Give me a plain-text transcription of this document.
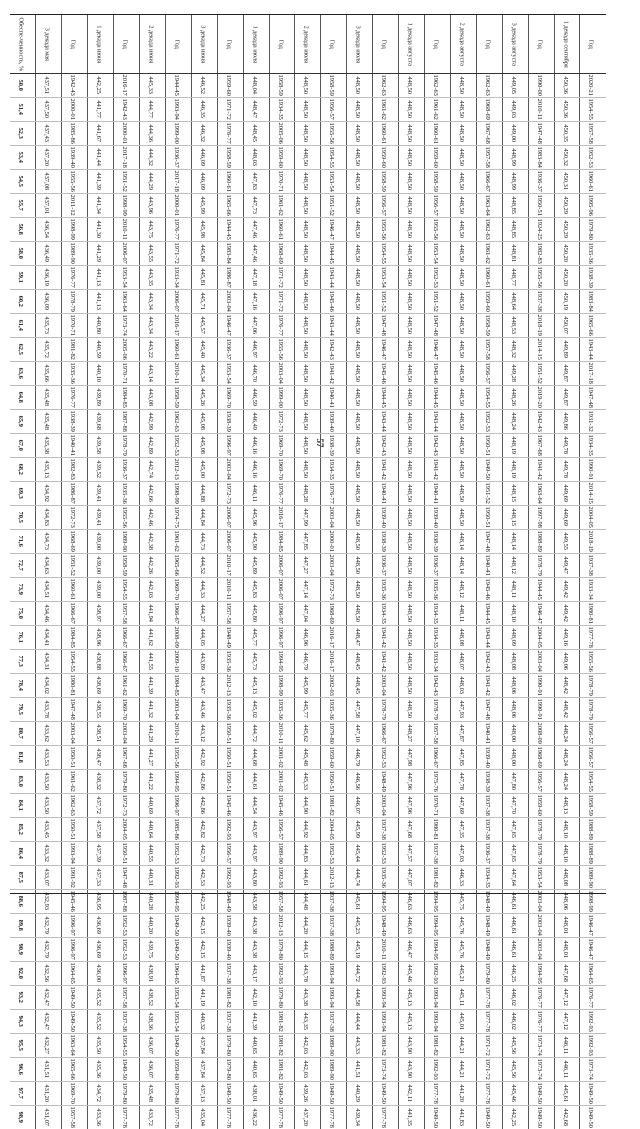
57
Обеспе-ченность, %	3 декада мая	Год	1 декада июня	Год	2 декада июня	Год	3 декада июня	Год	1 декада июля	Год	2 декада июля	Год	3 декада июля	Год	1 декада августа	Год	2 декада августа	Год	3 декада августа	Год	1 декада сентября	Год

50,0	437,51	1942-43	442,25	2016-17	445,33	1944-45	446,52	1959-60	448,04	1958-59	448,50	1958-59	448,50	1962-63	448,50	1962-63	448,50	1962-63	449,05	1990-00	450,36	2020-21

51,4	437,50	2000-01	441,77	1942-43	444,77	1993-94	446,35	1971-72	448,47	1934-35	448,50	1956-57	448,50	1961-62	448,50	1961-62	448,50	1968-69	449,03	2010-11	450,36	1954-55

52,3	437,43	1985-86	441,67	2000-01	444,36	1999-00	446,32	1976-77	448,45	2005-06	448,50	1955-56	448,50	1960-61	448,50	1960-61	448,50	1967-68	449,00	1947-48	450,35	1957-58

53,4	437,20	1939-40	441,44	2017-18	444,32	1936-37	446,09	1958-59	448,03	1959-60	448,50	1954-55	448,50	1959-60	448,50	1959-60	448,50	1957-58	448,99	1983-84	450,32	1952-53

54,5	437,08	1955-56	441,39	1951-52	444,29	2017-18	446,09	1960-61	447,83	1970-71	448,50	1953-54	448,50	1958-59	448,50	1958-59	448,50	1966-67	448,99	1936-37	450,31	1960-61

55,7	437,01	2011-12	441,34	1998-99	443,96	2000-01	445,99	1965-66	447,73	1961-62	448,50	1951-52	448,50	1956-57	448,50	1956-57	448,50	1963-64	448,85	1950-51	450,29	1995-96

56,8	436,54	1998-99	441,30	2010-11	443,75	1976-77	445,98	1944-45	447,46	1960-61	448,50	1946-47	448,50	1955-56	448,50	1955-56	448,50	1962-63	448,85	1924-25	450,29	1979-80

58,0	436,49	1989-90	441,29	2006-07	443,55	1971-72	445,84	1983-84	447,46	1968-69	448,50	1944-45	448,50	1954-55	448,50	1953-54	448,50	1961-62	448,81	1982-83	450,20	1935-36

59,1	436,19	1976-77	441,13	1953-54	443,35	1933-34	445,81	1986-87	447,18	1971-72	448,50	1943-44	448,50	1953-54	448,50	1952-53	448,50	1960-61	448,77	1955-56	450,20	1938-39

60,2	436,09	1978-79	441,13	1963-64	443,34	2006-07	445,71	2003-04	447,16	1971-72	448,50	1945-46	448,50	1951-52	448,50	1951-52	448,50	1959-60	448,64	1937-38	450,19	1983-84

61,4	435,73	1970-71	440,80	1973-74	443,34	2016-17	445,57	1946-47	447,06	1976-77	448,50	1943-44	448,50	1947-48	448,50	1947-48	448,50	1958-59	448,53	2018-19	450,07	1965-66

62,5	435,72	1981-82	440,59	2005-06	443,22	1960-61	445,40	1936-37	446,97	1955-56	448,50	1942-43	448,50	1946-47	448,50	1946-47	448,50	1957-58	448,32	2014-15	449,89	1943-44

63,6	435,66	1935-36	440,10	1970-71	443,14	2010-11	445,34	1953-54	446,70	2003-04	448,50	1941-42	448,50	1945-46	448,50	1945-46	448,50	1956-57	449,28	1951-52	449,87	2017-18

64,8	435,48	1976-77	439,89	1984-85	443,08	1958-59	445,26	1969-70	446,59	1999-00	448,50	1940-41	448,50	1944-45	448,50	1944-45	448,50	1954-55	448,26	2019-20	449,87	1947-48

65,9	435,48	1938-39	439,68	1987-88	442,99	1962-63	445,08	1938-39	446,49	1972-73	448,50	1939-40	448,50	1943-44	448,50	1943-44	448,50	1952-53	448,24	1942-43	449,86	1931-32

67,0	435,38	1940-41	439,58	1978-79	442,89	1952-53	445,08	1996-97	446,16	1969-70	448,50	1938-39	448,50	1942-43	448,50	1942-43	448,50	1950-51	448,19	1967-68	449,78	1934-35

68,2	435,13	1982-83	439,52	1936-37	442,74	2012-13	445,00	2003-04	446,16	1969-70	448,50	1934-35	448,50	1941-42	448,50	1941-42	448,50	1949-50	448,19	1941-42	449,78	1990-91

69,3	434,92	1986-87	439,41	1935-36	442,66	1998-99	444,88	1972-73	446,11	1976-77	448,28	1976-77	448,50	1940-41	448,50	1940-41	448,50	1951-52	448,15	1963-64	449,69	2014-15

70,5	434,83	1972-73	439,41	1955-56	442,46	1974-75	444,84	2006-07	445,96	2016-17	447,99	2003-04	448,50	1939-40	448,50	1939-40	448,50	1950-51	448,15	1997-98	449,69	2004-05

71,6	434,73	1968-69	439,00	1989-90	442,38	1961-62	444,73	2006-07	445,90	1984-85	447,85	2000-01	448,50	1938-39	448,50	1938-39	448,14	1947-48	448,14	1988-89	449,55	2018-19

72,7	434,63	1951-52	439,00	1958-59	442,26	1965-66	444,52	2010-17	445,89	2006-07	447,27	2003-04	448,50	1936-37	448,50	1936-37	448,14	1940-41	448,12	1978-79	449,47	1937-38

73,9	434,51	1960-61	439,00	1954-55	442,03	1969-70	444,33	2010-11	445,83	2006-07	447,14	1972-73	448,50	1935-36	448,50	1935-36	448,12	1945-46	448,11	1944-45	449,42	1933-34

75,0	434,46	1966-67	438,97	1957-58	441,94	1966-67	444,27	1957-58	445,80	1996-97	447,04	1968-69	448,50	1934-35	448,50	1934-35	448,11	1944-45	448,10	1946-47	449,42	1980-81

76,1	434,41	1984-85	438,96	1966-67	441,62	2008-09	444,05	1948-49	445,77	1996-97	446,96	2016-17	448,47	1941-42	448,50	1934-35	448,08	1943-44	448,09	2004-05	449,16	1977-78

77,3	434,31	1954-55	438,88	1966-67	441,55	2009-10	443,89	1935-36	445,73	1994-95	446,79	2016-17	448,45	1941-42	448,50	1933-34	448,07	1942-43	448,08	2003-04	449,06	1955-56

78,4	434,02	1980-81	438,69	1961-62	441,39	1984-85	443,47	2012-13	445,13	1998-99	445,99	2002-03	448,45	2003-04	448,50	1942-43	448,03	1941-42	448,06	1990-91	448,42	1978-79

79,5	433,78	1947-48	438,55	1969-70	441,32	2003-04	443,46	1935-36	445,02	1935-36	445,77	1935-36	447,58	1978-79	448,50	1978-79	447,93	1947-48	448,06	1990-91	448,42	1978-79

80,7	433,62	2003-04	438,51	2003-04	441,29	2010-11	443,12	1950-51	444,72	2010-11	445,62	1979-80	447,10	1966-67	448,27	1957-58	447,87	1940-41	448,00	2008-09	448,24	1956-57

81,8	433,53	1950-51	438,47	1967-68	441,27	1955-56	442,92	1950-51	444,68	2001-02	445,48	1959-60	446,79	1952-53	447,98	1966-67	447,85	1939-40	448,00	1968-69	448,24	1956-57

83,0	433,50	1961-62	438,32	1979-80	441,22	1994-95	442,86	1950-51	444,61	2001-02	445,33	1950-51	446,56	1948-49	447,96	1975-76	447,78	1938-39	447,80	1956-57	448,24	1954-55

84,1	433,50	1962-63	437,72	1972-73	440,69	1996-97	442,86	1945-46	444,54	1945-46	444,90	1981-82	446,07	2003-04	447,96	1970-71	447,69	1937-38	447,70	1959-60	448,13	1958-59

85,2	433,45	1950-51	437,58	2004-05	440,64	1985-86	442,82	1992-93	443,97	1956-57	444,92	2004-05	445,99	1937-38	447,68	1980-81	447,35	1937-38	447,65	1978-79	448,10	1988-89

86,4	433,32	1993-94	437,39	1950-51	440,55	1952-53	442,73	1956-57	443,97	1989-90	444,83	1952-53	445,44	1952-53	447,57	1937-38	447,03	1936-37	447,65	1978-79	448,10	1988-89

87,5	433,07	1991-92	437,33	1947-48	440,31	1992-93	442,53	1992-93	443,80	1992-93	444,61	2012-13	444,74	1935-36	447,07	1981-82	446,33	1934-35	447,64	1953-54	448,08	1989-90

88,6	432,93	1945-46	436,95	1987-88	440,28	1994-95	442,25	1948-49	443,58	1957-58	444,48	1937-38	445,61	1994-95	446,63	1994-95	445,75	1948-49	446,61	2003-04	448,06	1998-99

89,8	432,79	1996-97	436,69	1952-53	440,20	1949-50	442,15	1939-40	443,38	2012-13	444,20	1937-38	445,23	1948-49	446,63	1994-95	445,76	1948-49	446,61	2003-04	448,01	1946-47

90,9	432,79	1996-97	436,69	1952-53	439,75	1949-50	442,15	1939-40	443,38	1979-80	444,15	1988-89	445,19	2010-11	446,47	1994-95	445,76	1948-49	446,61	2003-04	448,01	1946-47

92,0	432,56	1964-65	436,00	1996-97	438,91	1964-65	441,87	1937-38	443,17	1992-93	443,78	1993-94	444,72	1992-93	445,46	1992-93	445,21	1979-80	446,25	1994-95	447,68	1964-65

93,2	432,47	1949-50	435,52	1957-58	438,52	1953-54	441,19	1981-82	442,10	1979-80	443,38	1993-94	444,58	1993-94	445,13	1993-94	445,11	1977-78	446,02	1976-77	447,12	1976-77

94,3	432,47	1949-50	435,52	1937-38	438,36	1953-54	440,32	1937-38	441,39	1981-82	443,35	1937-38	444,44	1993-94	445,13	1993-94	445,01	1977-78	446,02	1976-77	447,12	1992-93

95,5	432,27	1963-64	435,50	1954-55	436,07	1949-50	437,84	1979-80	440,65	1981-82	442,03	1989-90	443,33	1981-82	443,90	1981-82	444,21	1971-72	445,56	1973-74	446,11	1992-93

96,6	431,51	1965-66	435,36	1949-50	436,07	1959-60	437,84	1979-80	440,65	1981-82	442,03	1989-90	441,51	1973-74	443,90	1992-93	444,21	1971-72	445,56	1973-74	446,11	1973-74

97,7	431,20	1969-70	434,72	1979-80	435,48	1979-80	437,13	1949-50	438,01	1949-50	439,26	1949-50	440,29	1949-50	442,11	1977-78	441,20	1977-78	445,46	1949-50	445,61	1949-50

98,9	431,07	1957-58	433,36	1977-78	433,72	1977-78	435,04	1977-78	436,22	1977-78	437,20	1977-78	439,34	1977-78	441,35	1949-50	441,83	1949-50	442,25	1949-50	442,68	1949-50
